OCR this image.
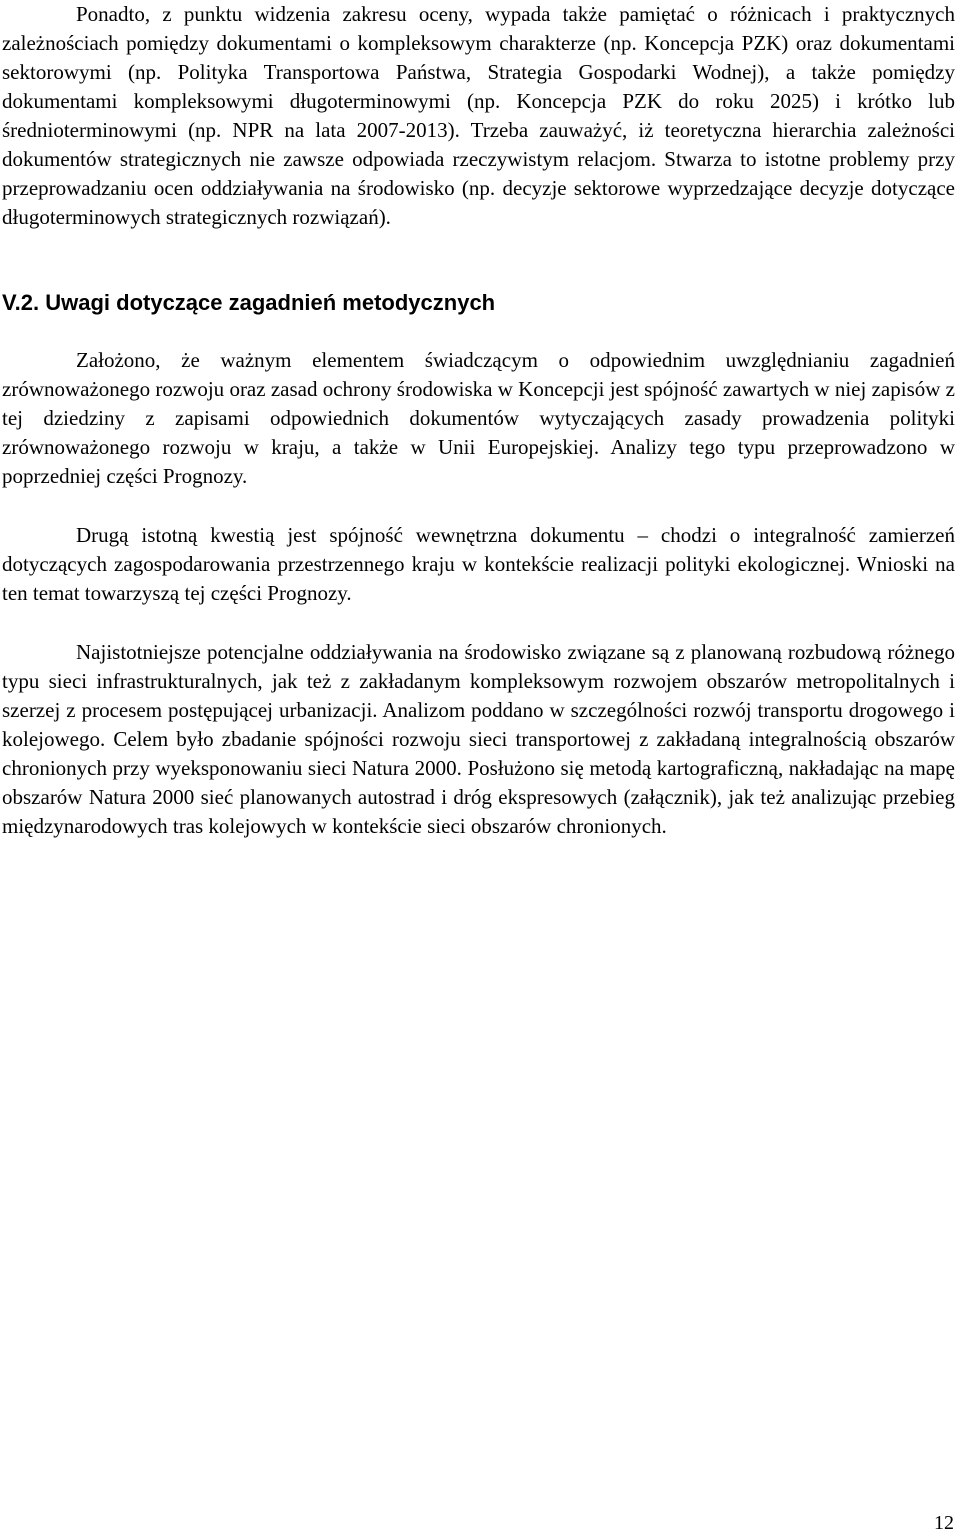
Ponadto, z punktu widzenia zakresu oceny, wypada także pamiętać o różnicach i praktycznych zależnościach pomiędzy dokumentami o kompleksowym charakterze (np. Koncepcja PZK) oraz dokumentami sektorowymi (np. Polityka Transportowa Państwa, Strategia Gospodarki Wodnej), a także pomiędzy dokumentami kompleksowymi długoterminowymi (np. Koncepcja PZK do roku 2025) i krótko lub średnioterminowymi (np. NPR na lata 2007-2013). Trzeba zauważyć, iż teoretyczna hierarchia zależności dokumentów strategicznych nie zawsze odpowiada rzeczywistym relacjom. Stwarza to istotne problemy przy przeprowadzaniu ocen oddziaływania na środowisko (np. decyzje sektorowe wyprzedzające decyzje dotyczące długoterminowych strategicznych rozwiązań).

V.2. Uwagi dotyczące zagadnień metodycznych

Założono, że ważnym elementem świadczącym o odpowiednim uwzględnianiu zagadnień zrównoważonego rozwoju oraz zasad ochrony środowiska w Koncepcji jest spójność zawartych w niej zapisów z tej dziedziny z zapisami odpowiednich dokumentów wytyczających zasady prowadzenia polityki zrównoważonego rozwoju w kraju, a także w Unii Europejskiej. Analizy tego typu przeprowadzono w poprzedniej części Prognozy.

Drugą istotną kwestią jest spójność wewnętrzna dokumentu – chodzi o integralność zamierzeń dotyczących zagospodarowania przestrzennego kraju w kontekście realizacji polityki ekologicznej. Wnioski na ten temat towarzyszą tej części Prognozy.

Najistotniejsze potencjalne oddziaływania na środowisko związane są z planowaną rozbudową różnego typu sieci infrastrukturalnych, jak też z zakładanym kompleksowym rozwojem obszarów metropolitalnych i szerzej z procesem postępującej urbanizacji. Analizom poddano w szczególności rozwój transportu drogowego i kolejowego. Celem było zbadanie spójności rozwoju sieci transportowej z zakładaną integralnością obszarów chronionych przy wyeksponowaniu sieci Natura 2000. Posłużono się metodą kartograficzną, nakładając na mapę obszarów Natura 2000 sieć planowanych autostrad i dróg ekspresowych (załącznik), jak też analizując przebieg międzynarodowych tras kolejowych w kontekście sieci obszarów chronionych.

12
